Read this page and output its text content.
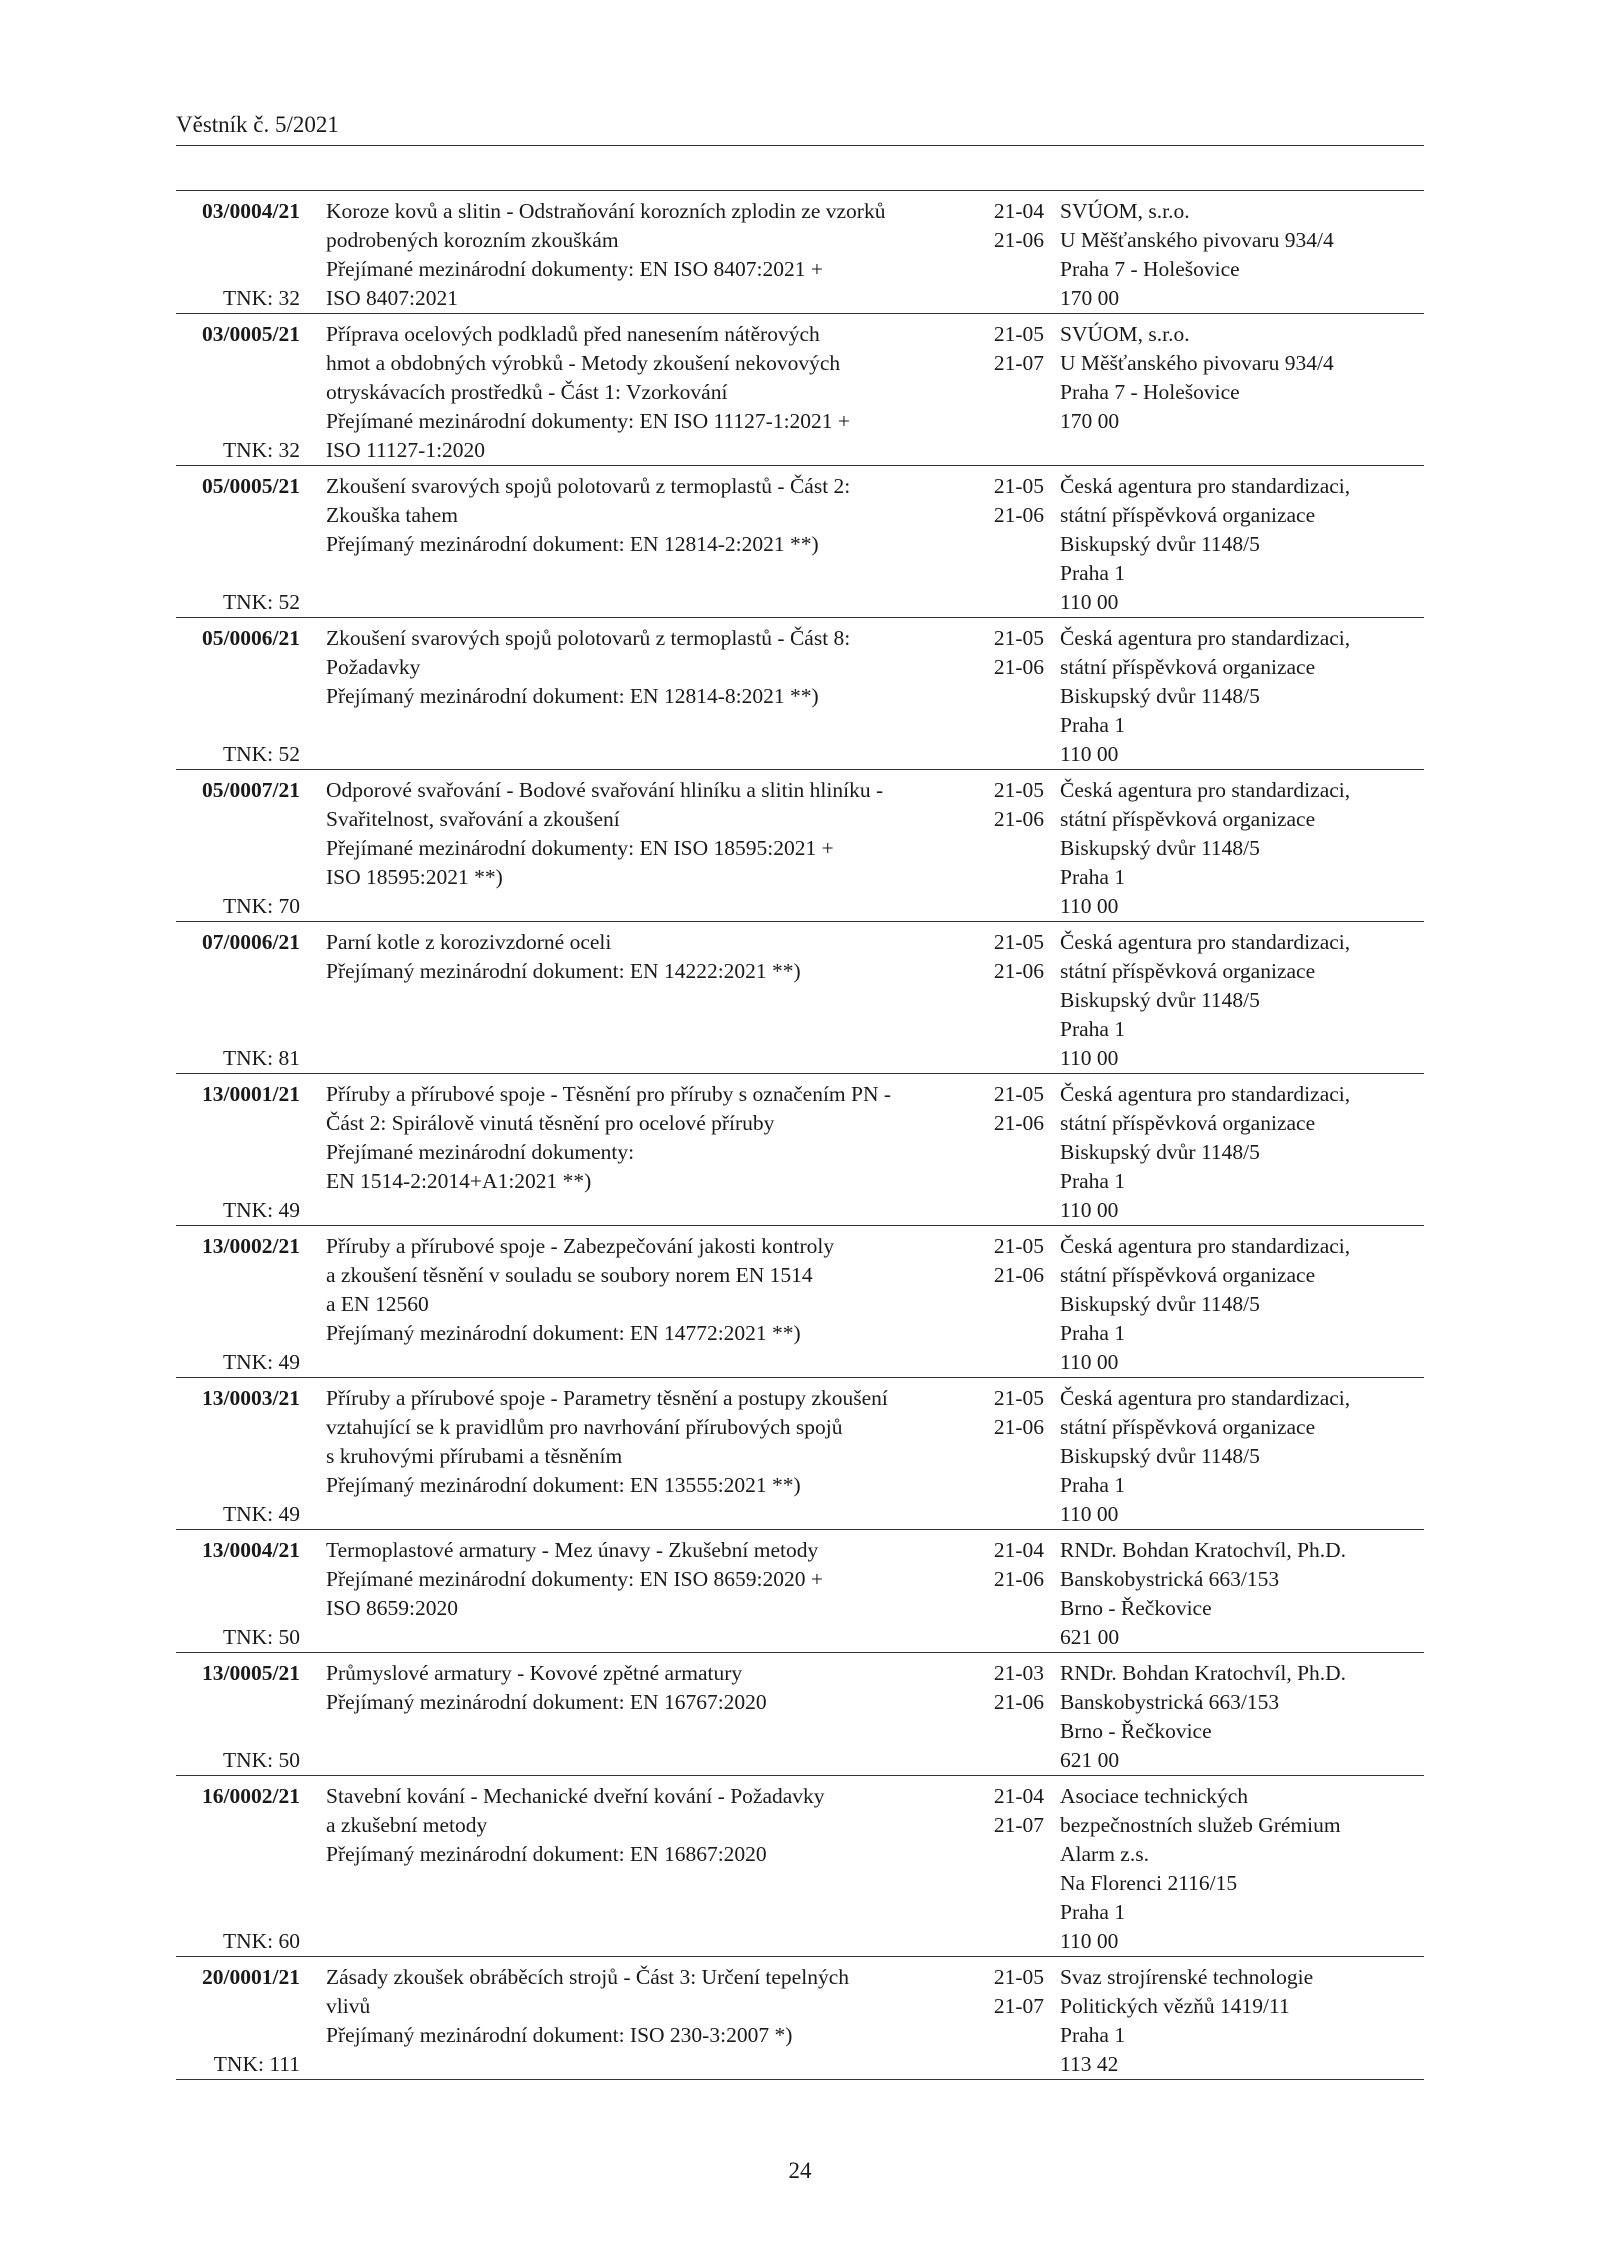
Věstník č. 5/2021
03/0004/21
TNK: 32
Koroze kovů a slitin - Odstraňování korozních zplodin ze vzorků
podrobených korozním zkouškám
Přejímané mezinárodní dokumenty: EN ISO 8407:2021 +
ISO 8407:2021
21-04
21-06
SVÚOM, s.r.o.
U Měšťanského pivovaru 934/4
Praha 7 - Holešovice
170 00
03/0005/21
TNK: 32
Příprava ocelových podkladů před nanesením nátěrových
hmot a obdobných výrobků - Metody zkoušení nekovových
otryskávacích prostředků - Část 1: Vzorkování
Přejímané mezinárodní dokumenty: EN ISO 11127-1:2021 +
ISO 11127-1:2020
21-05
21-07
SVÚOM, s.r.o.
U Měšťanského pivovaru 934/4
Praha 7 - Holešovice
170 00
05/0005/21
TNK: 52
Zkoušení svarových spojů polotovarů z termoplastů - Část 2:
Zkouška tahem
Přejímaný mezinárodní dokument: EN 12814-2:2021 **)
21-05
21-06
Česká agentura pro standardizaci,
státní příspěvková organizace
Biskupský dvůr 1148/5
Praha 1
110 00
05/0006/21
TNK: 52
Zkoušení svarových spojů polotovarů z termoplastů - Část 8:
Požadavky
Přejímaný mezinárodní dokument: EN 12814-8:2021 **)
21-05
21-06
Česká agentura pro standardizaci,
státní příspěvková organizace
Biskupský dvůr 1148/5
Praha 1
110 00
05/0007/21
TNK: 70
Odporové svařování - Bodové svařování hliníku a slitin hliníku -
Svařitelnost, svařování a zkoušení
Přejímané mezinárodní dokumenty: EN ISO 18595:2021 +
ISO 18595:2021 **)
21-05
21-06
Česká agentura pro standardizaci,
státní příspěvková organizace
Biskupský dvůr 1148/5
Praha 1
110 00
07/0006/21
TNK: 81
Parní kotle z korozivzdorné oceli
Přejímaný mezinárodní dokument: EN 14222:2021 **)
21-05
21-06
Česká agentura pro standardizaci,
státní příspěvková organizace
Biskupský dvůr 1148/5
Praha 1
110 00
13/0001/21
TNK: 49
Příruby a přírubové spoje - Těsnění pro příruby s označením PN -
Část 2: Spirálově vinutá těsnění pro ocelové příruby
Přejímané mezinárodní dokumenty:
EN 1514-2:2014+A1:2021 **)
21-05
21-06
Česká agentura pro standardizaci,
státní příspěvková organizace
Biskupský dvůr 1148/5
Praha 1
110 00
13/0002/21
TNK: 49
Příruby a přírubové spoje - Zabezpečování jakosti kontroly
a zkoušení těsnění v souladu se soubory norem EN 1514
a EN 12560
Přejímaný mezinárodní dokument: EN 14772:2021 **)
21-05
21-06
Česká agentura pro standardizaci,
státní příspěvková organizace
Biskupský dvůr 1148/5
Praha 1
110 00
13/0003/21
TNK: 49
Příruby a přírubové spoje - Parametry těsnění a postupy zkoušení
vztahující se k pravidlům pro navrhování přírubových spojů
s kruhovými přírubami a těsněním
Přejímaný mezinárodní dokument: EN 13555:2021 **)
21-05
21-06
Česká agentura pro standardizaci,
státní příspěvková organizace
Biskupský dvůr 1148/5
Praha 1
110 00
13/0004/21
TNK: 50
Termoplastové armatury - Mez únavy - Zkušební metody
Přejímané mezinárodní dokumenty: EN ISO 8659:2020 +
ISO 8659:2020
21-04
21-06
RNDr. Bohdan Kratochvíl, Ph.D.
Banskobystrická 663/153
Brno - Řečkovice
621 00
13/0005/21
TNK: 50
Průmyslové armatury - Kovové zpětné armatury
Přejímaný mezinárodní dokument: EN 16767:2020
21-03
21-06
RNDr. Bohdan Kratochvíl, Ph.D.
Banskobystrická 663/153
Brno - Řečkovice
621 00
16/0002/21
TNK: 60
Stavební kování - Mechanické dveřní kování - Požadavky
a zkušební metody
Přejímaný mezinárodní dokument: EN 16867:2020
21-04
21-07
Asociace technických
bezpečnostních služeb Grémium
Alarm z.s.
Na Florenci 2116/15
Praha 1
110 00
20/0001/21
TNK: 111
Zásady zkoušek obráběcích strojů - Část 3: Určení tepelných
vlivů
Přejímaný mezinárodní dokument: ISO 230-3:2007 *)
21-05
21-07
Svaz strojírenské technologie
Politických vězňů 1419/11
Praha 1
113 42
24
